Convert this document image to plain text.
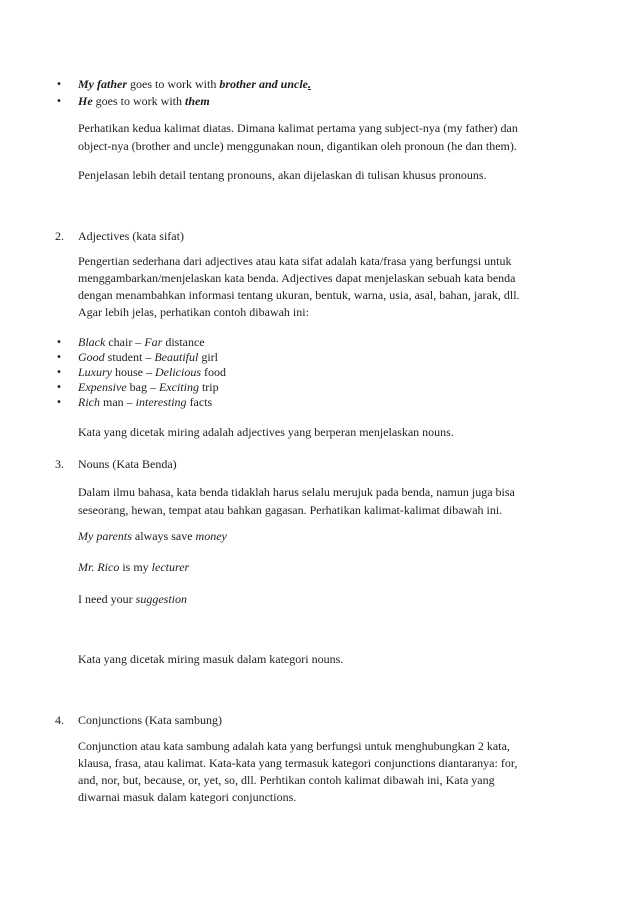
• My father goes to work with brother and uncle.
• He goes to work with them
Perhatikan kedua kalimat diatas. Dimana kalimat pertama yang subject-nya (my father) dan
object-nya (brother and uncle) menggunakan noun, digantikan oleh pronoun (he dan them).
Penjelasan lebih detail tentang pronouns, akan dijelaskan di tulisan khusus pronouns.
2. Adjectives (kata sifat)
Pengertian sederhana dari adjectives atau kata sifat adalah kata/frasa yang berfungsi untuk
menggambarkan/menjelaskan kata benda. Adjectives dapat menjelaskan sebuah kata benda
dengan menambahkan informasi tentang ukuran, bentuk, warna, usia, asal, bahan, jarak, dll.
Agar lebih jelas, perhatikan contoh dibawah ini:
• Black chair – Far distance
• Good student – Beautiful girl
• Luxury house – Delicious food
• Expensive bag – Exciting trip
• Rich man – interesting facts
Kata yang dicetak miring adalah adjectives yang berperan menjelaskan nouns.
3. Nouns (Kata Benda)
Dalam ilmu bahasa, kata benda tidaklah harus selalu merujuk pada benda, namun juga bisa
seseorang, hewan, tempat atau bahkan gagasan. Perhatikan kalimat-kalimat dibawah ini.
My parents always save money
Mr. Rico is my lecturer
I need your suggestion
Kata yang dicetak miring masuk dalam kategori nouns.
4. Conjunctions (Kata sambung)
Conjunction atau kata sambung adalah kata yang berfungsi untuk menghubungkan 2 kata,
klausa, frasa, atau kalimat. Kata-kata yang termasuk kategori conjunctions diantaranya: for,
and, nor, but, because, or, yet, so, dll. Perhtikan contoh kalimat dibawah ini, Kata yang
diwarnai masuk dalam kategori conjunctions.
